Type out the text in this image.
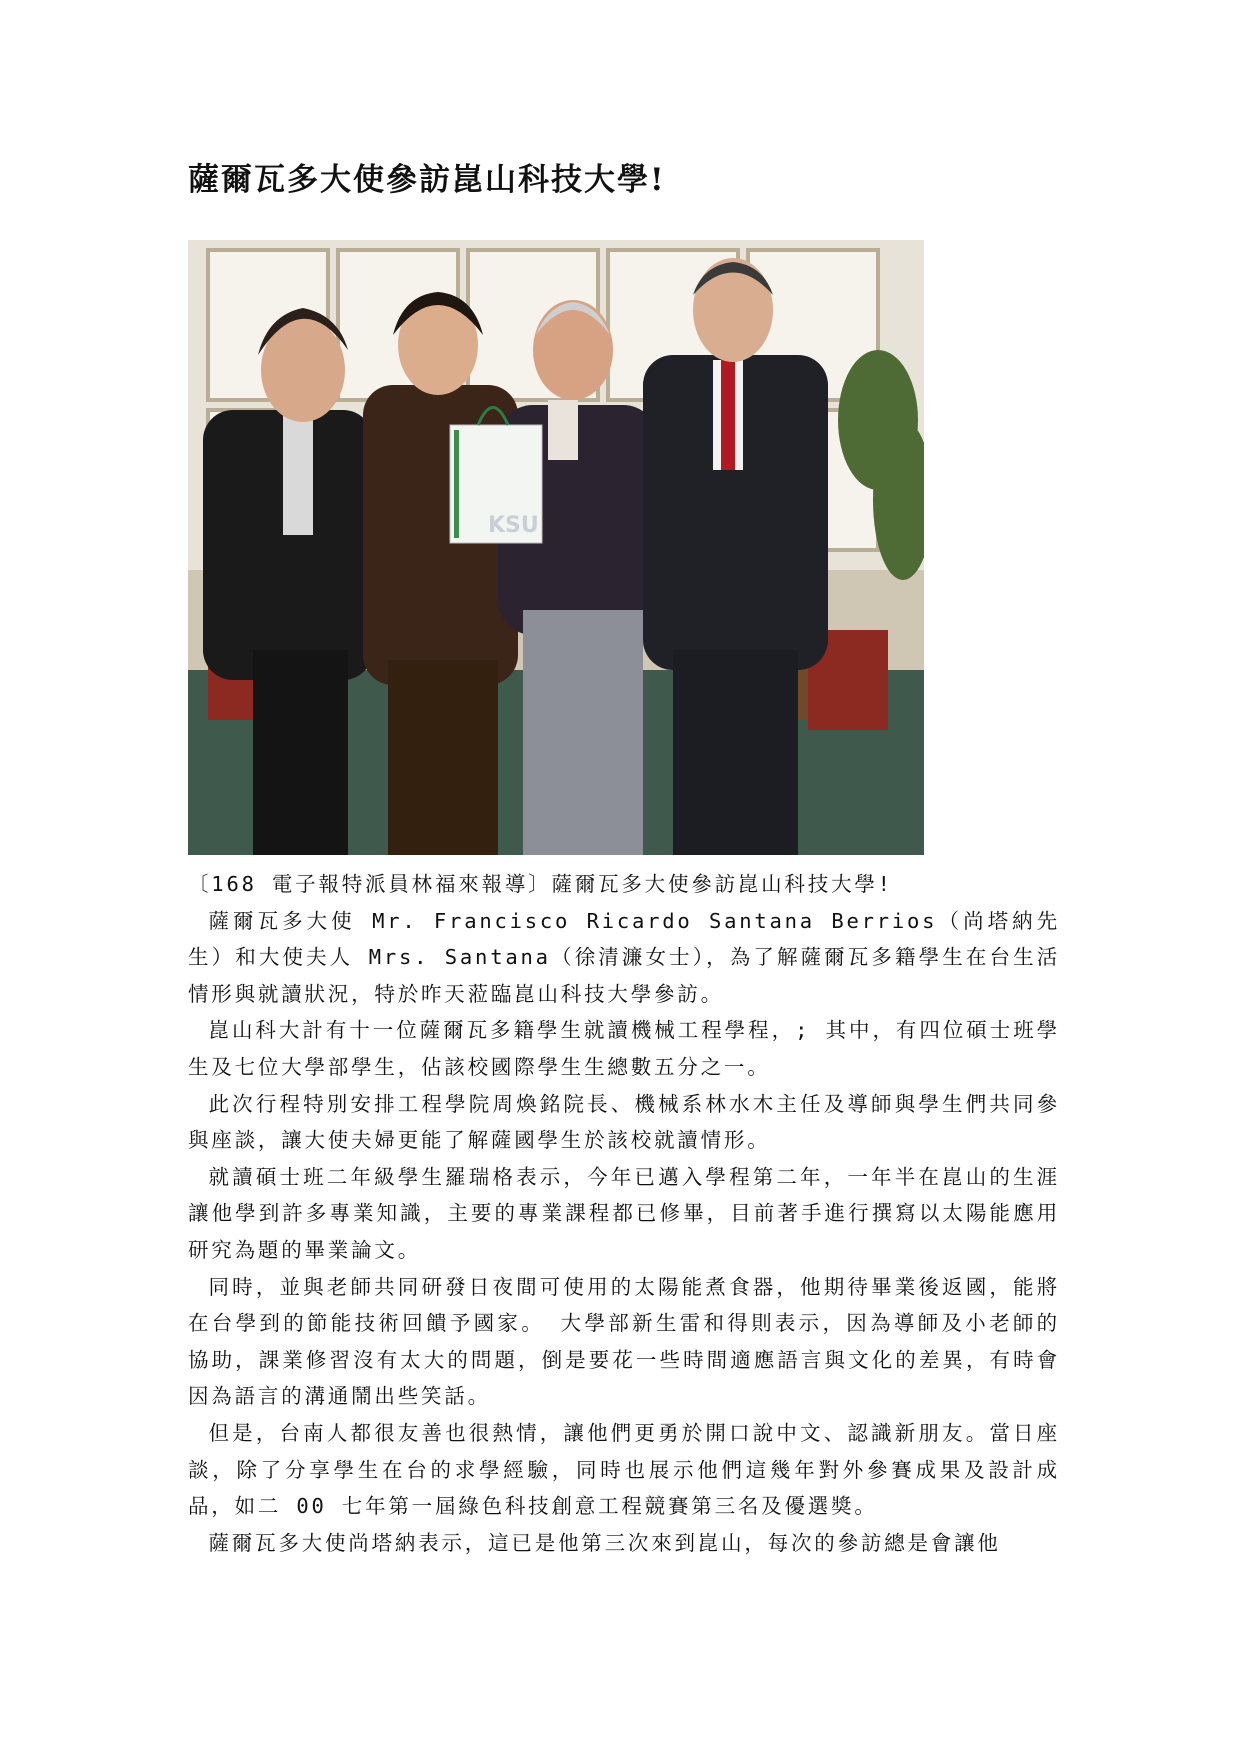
薩爾瓦多大使參訪崑山科技大學!
KSU

〔168 電子報特派員林福來報導〕薩爾瓦多大使參訪崑山科技大學!

薩爾瓦多大使 Mr. Francisco Ricardo Santana Berrios（尚塔納先生）和大使夫人 Mrs. Santana（徐清濂女士），為了解薩爾瓦多籍學生在台生活情形與就讀狀況，特於昨天蒞臨崑山科技大學參訪。

崑山科大計有十一位薩爾瓦多籍學生就讀機械工程學程，; 其中，有四位碩士班學生及七位大學部學生，佔該校國際學生生總數五分之一。

此次行程特別安排工程學院周煥銘院長、機械系林水木主任及導師與學生們共同參與座談，讓大使夫婦更能了解薩國學生於該校就讀情形。

就讀碩士班二年級學生羅瑞格表示，今年已邁入學程第二年，一年半在崑山的生涯讓他學到許多專業知識，主要的專業課程都已修畢，目前著手進行撰寫以太陽能應用研究為題的畢業論文。

同時，並與老師共同研發日夜間可使用的太陽能煮食器，他期待畢業後返國，能將在台學到的節能技術回饋予國家。 大學部新生雷和得則表示，因為導師及小老師的協助，課業修習沒有太大的問題，倒是要花一些時間適應語言與文化的差異，有時會因為語言的溝通鬧出些笑話。

但是，台南人都很友善也很熱情，讓他們更勇於開口說中文、認識新朋友。當日座談，除了分享學生在台的求學經驗，同時也展示他們這幾年對外參賽成果及設計成品，如二 00 七年第一屆綠色科技創意工程競賽第三名及優選獎。

薩爾瓦多大使尚塔納表示，這已是他第三次來到崑山，每次的參訪總是會讓他
